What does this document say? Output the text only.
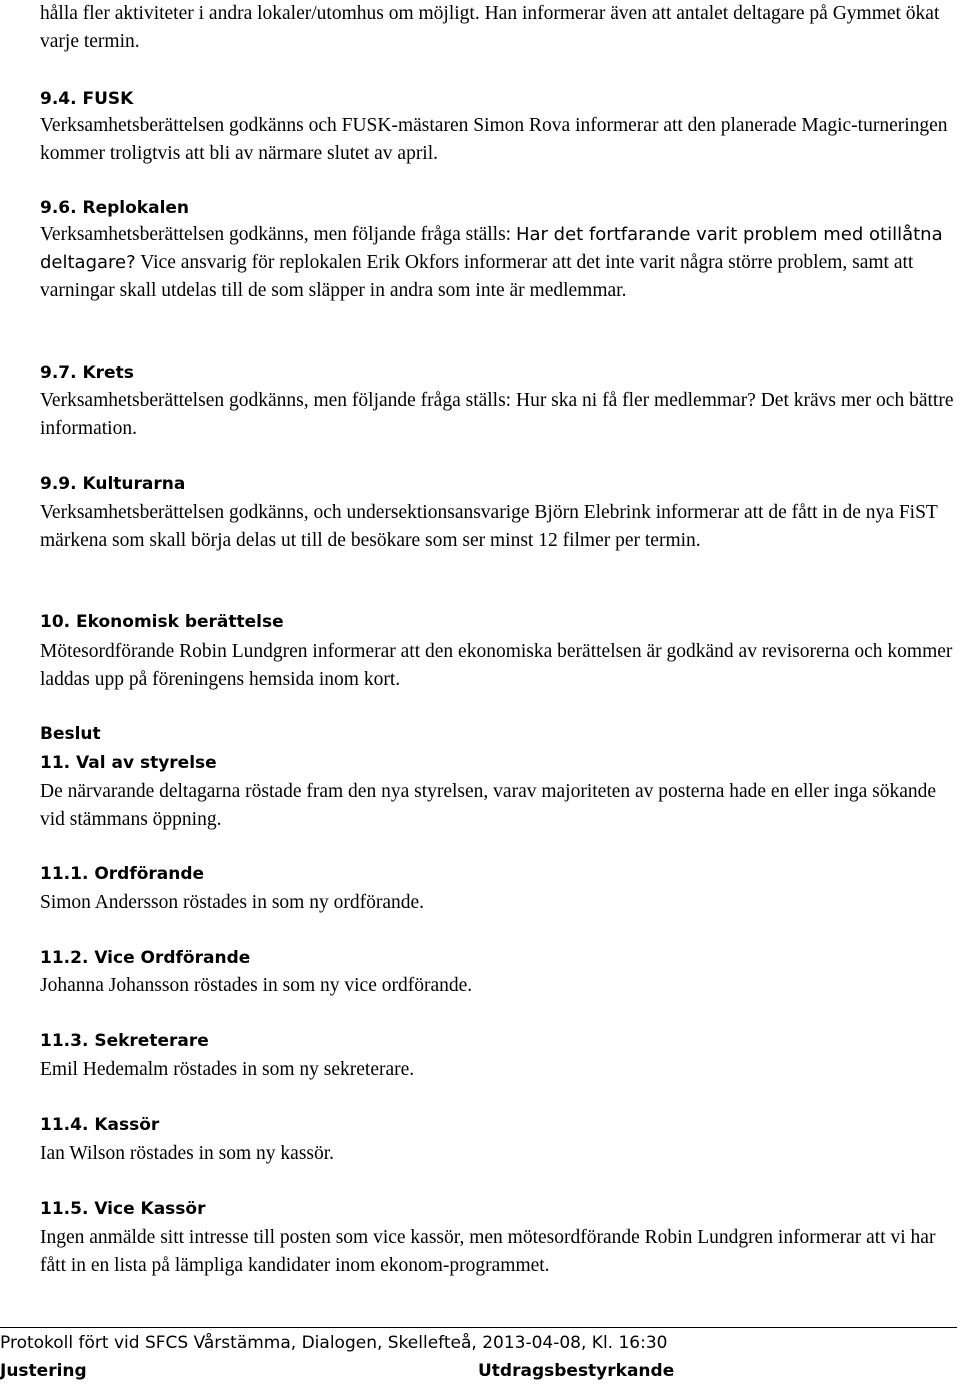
hålla fler aktiviteter i andra lokaler/utomhus om möjligt. Han informerar även att antalet deltagare på Gymmet ökat varje termin.

9.4. FUSK

Verksamhetsberättelsen godkänns och FUSK-mästaren Simon Rova informerar att den planerade Magic-turneringen kommer troligtvis att bli av närmare slutet av april.

9.6. Replokalen

Verksamhetsberättelsen godkänns, men följande fråga ställs: Har det fortfarande varit problem med otillåtna deltagare? Vice ansvarig för replokalen Erik Okfors informerar att det inte varit några större problem, samt att varningar skall utdelas till de som släpper in andra som inte är medlemmar.

9.7. Krets

Verksamhetsberättelsen godkänns, men följande fråga ställs: Hur ska ni få fler medlemmar? Det krävs mer och bättre information.

9.9. Kulturarna

Verksamhetsberättelsen godkänns, och undersektionsansvarige Björn Elebrink informerar att de fått in de nya FiST märkena som skall börja delas ut till de besökare som ser minst 12 filmer per termin.

10. Ekonomisk berättelse

Mötesordförande Robin Lundgren informerar att den ekonomiska berättelsen är godkänd av revisorerna och kommer laddas upp på föreningens hemsida inom kort.

Beslut

11. Val av styrelse

De närvarande deltagarna röstade fram den nya styrelsen, varav majoriteten av posterna hade en eller inga sökande vid stämmans öppning.

11.1. Ordförande

Simon Andersson röstades in som ny ordförande.

11.2. Vice Ordförande

Johanna Johansson röstades in som ny vice ordförande.

11.3. Sekreterare

Emil Hedemalm röstades in som ny sekreterare.

11.4. Kassör

Ian Wilson röstades in som ny kassör.

11.5. Vice Kassör

Ingen anmälde sitt intresse till posten som vice kassör, men mötesordförande Robin Lundgren informerar att vi har fått in en lista på lämpliga kandidater inom ekonom-programmet.

Protokoll fört vid SFCS Vårstämma, Dialogen, Skellefteå, 2013-04-08, Kl. 16:30

Justering	Utdragsbestyrkande
